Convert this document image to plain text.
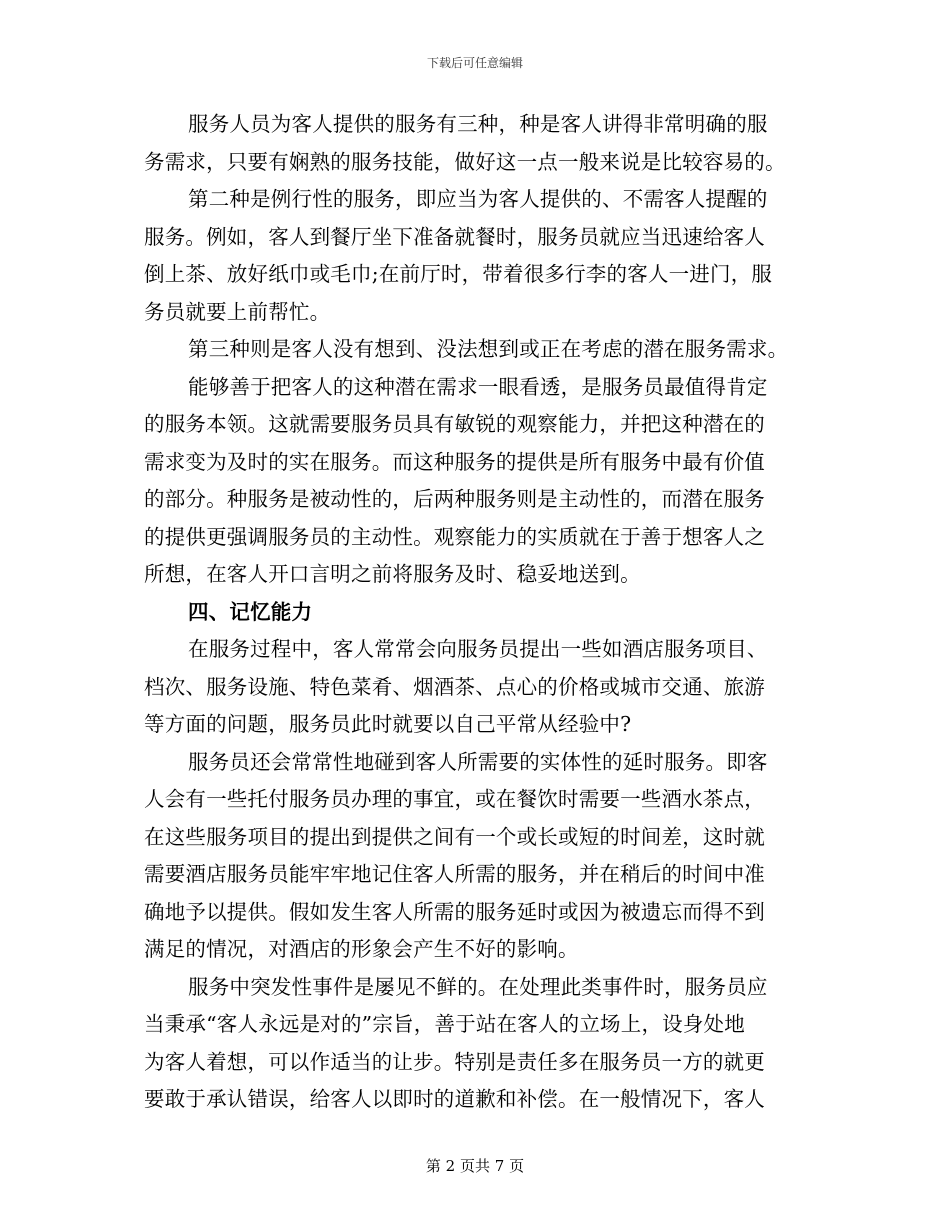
下载后可任意编辑
服务人员为客人提供的服务有三种，种是客人讲得非常明确的服
务需求，只要有娴熟的服务技能，做好这一点一般来说是比较容易的。
第二种是例行性的服务，即应当为客人提供的、不需客人提醒的
服务。例如，客人到餐厅坐下准备就餐时，服务员就应当迅速给客人
倒上茶、放好纸巾或毛巾;在前厅时，带着很多行李的客人一进门，服
务员就要上前帮忙。
第三种则是客人没有想到、没法想到或正在考虑的潜在服务需求。
能够善于把客人的这种潜在需求一眼看透，是服务员最值得肯定
的服务本领。这就需要服务员具有敏锐的观察能力，并把这种潜在的
需求变为及时的实在服务。而这种服务的提供是所有服务中最有价值
的部分。种服务是被动性的，后两种服务则是主动性的，而潜在服务
的提供更强调服务员的主动性。观察能力的实质就在于善于想客人之
所想，在客人开口言明之前将服务及时、稳妥地送到。
四、记忆能力
在服务过程中，客人常常会向服务员提出一些如酒店服务项目、
档次、服务设施、特色菜肴、烟酒茶、点心的价格或城市交通、旅游
等方面的问题，服务员此时就要以自己平常从经验中?
服务员还会常常性地碰到客人所需要的实体性的延时服务。即客
人会有一些托付服务员办理的事宜，或在餐饮时需要一些酒水茶点，
在这些服务项目的提出到提供之间有一个或长或短的时间差，这时就
需要酒店服务员能牢牢地记住客人所需的服务，并在稍后的时间中准
确地予以提供。假如发生客人所需的服务延时或因为被遗忘而得不到
满足的情况，对酒店的形象会产生不好的影响。
服务中突发性事件是屡见不鲜的。在处理此类事件时，服务员应
当秉承“客人永远是对的”宗旨，善于站在客人的立场上，设身处地
为客人着想，可以作适当的让步。特别是责任多在服务员一方的就更
要敢于承认错误，给客人以即时的道歉和补偿。在一般情况下，客人
第 2 页共 7 页
